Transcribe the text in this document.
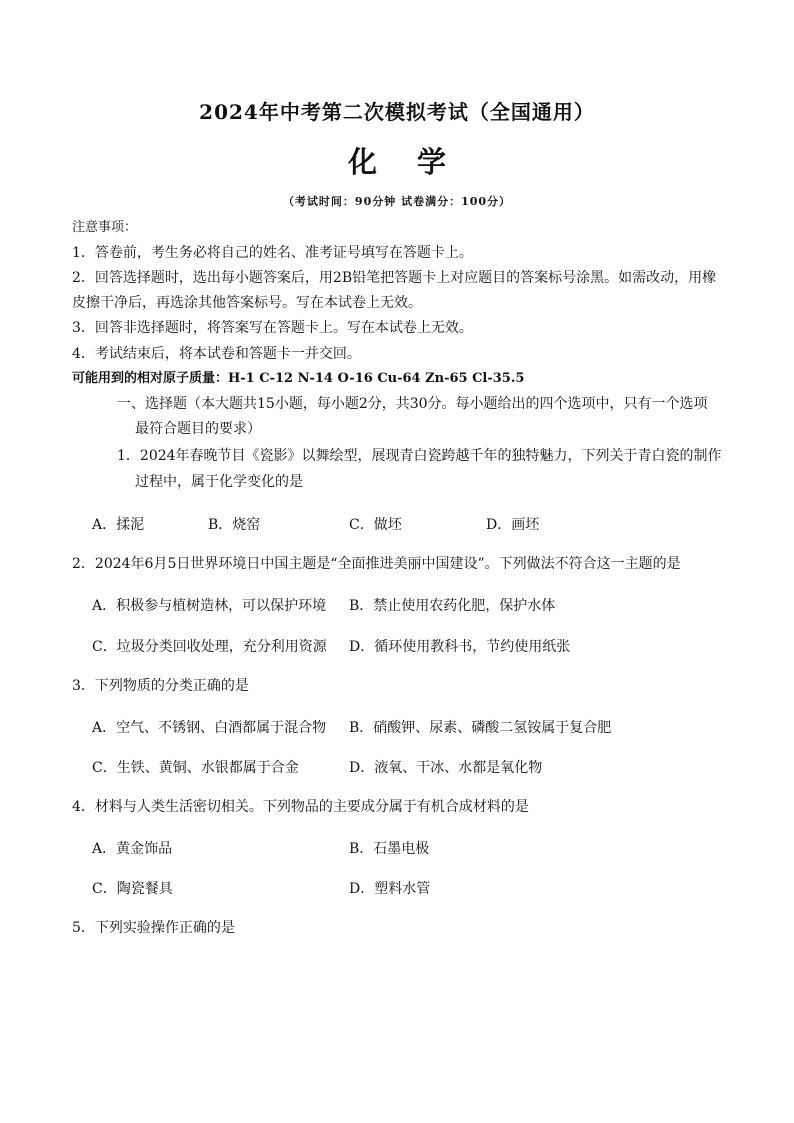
2024年中考第二次模拟考试（全国通用）
化学
（考试时间：90分钟 试卷满分：100分）
注意事项：
1．答卷前，考生务必将自己的姓名、准考证号填写在答题卡上。
2．回答选择题时，选出每小题答案后，用2B铅笔把答题卡上对应题目的答案标号涂黑。如需改动，用橡
皮擦干净后，再选涂其他答案标号。写在本试卷上无效。
3．回答非选择题时，将答案写在答题卡上。写在本试卷上无效。
4．考试结束后，将本试卷和答题卡一并交回。
可能用到的相对原子质量：H-1 C-12 N-14 O-16 Cu-64 Zn-65 Cl-35.5
一、选择题（本大题共15小题，每小题2分，共30分。每小题给出的四个选项中，只有一个选项
最符合题目的要求）
1．2024年春晚节目《瓷影》以舞绘型，展现青白瓷跨越千年的独特魅力，下列关于青白瓷的制作
过程中，属于化学变化的是
A．揉泥	B．烧窑	C．做坯	D．画坯
2．2024年6月5日世界环境日中国主题是“全面推进美丽中国建设”。下列做法不符合这一主题的是
A．积极参与植树造林，可以保护环境 B．禁止使用农药化肥，保护水体
C．垃圾分类回收处理，充分利用资源 D．循环使用教科书，节约使用纸张
3．下列物质的分类正确的是
A．空气、不锈钢、白酒都属于混合物 B．硝酸钾、尿素、磷酸二氢铵属于复合肥
C．生铁、黄铜、水银都属于合金	D．液氧、干冰、水都是氧化物
4．材料与人类生活密切相关。下列物品的主要成分属于有机合成材料的是
A．黄金饰品	B．石墨电极
C．陶瓷餐具	D．塑料水管
5．下列实验操作正确的是
